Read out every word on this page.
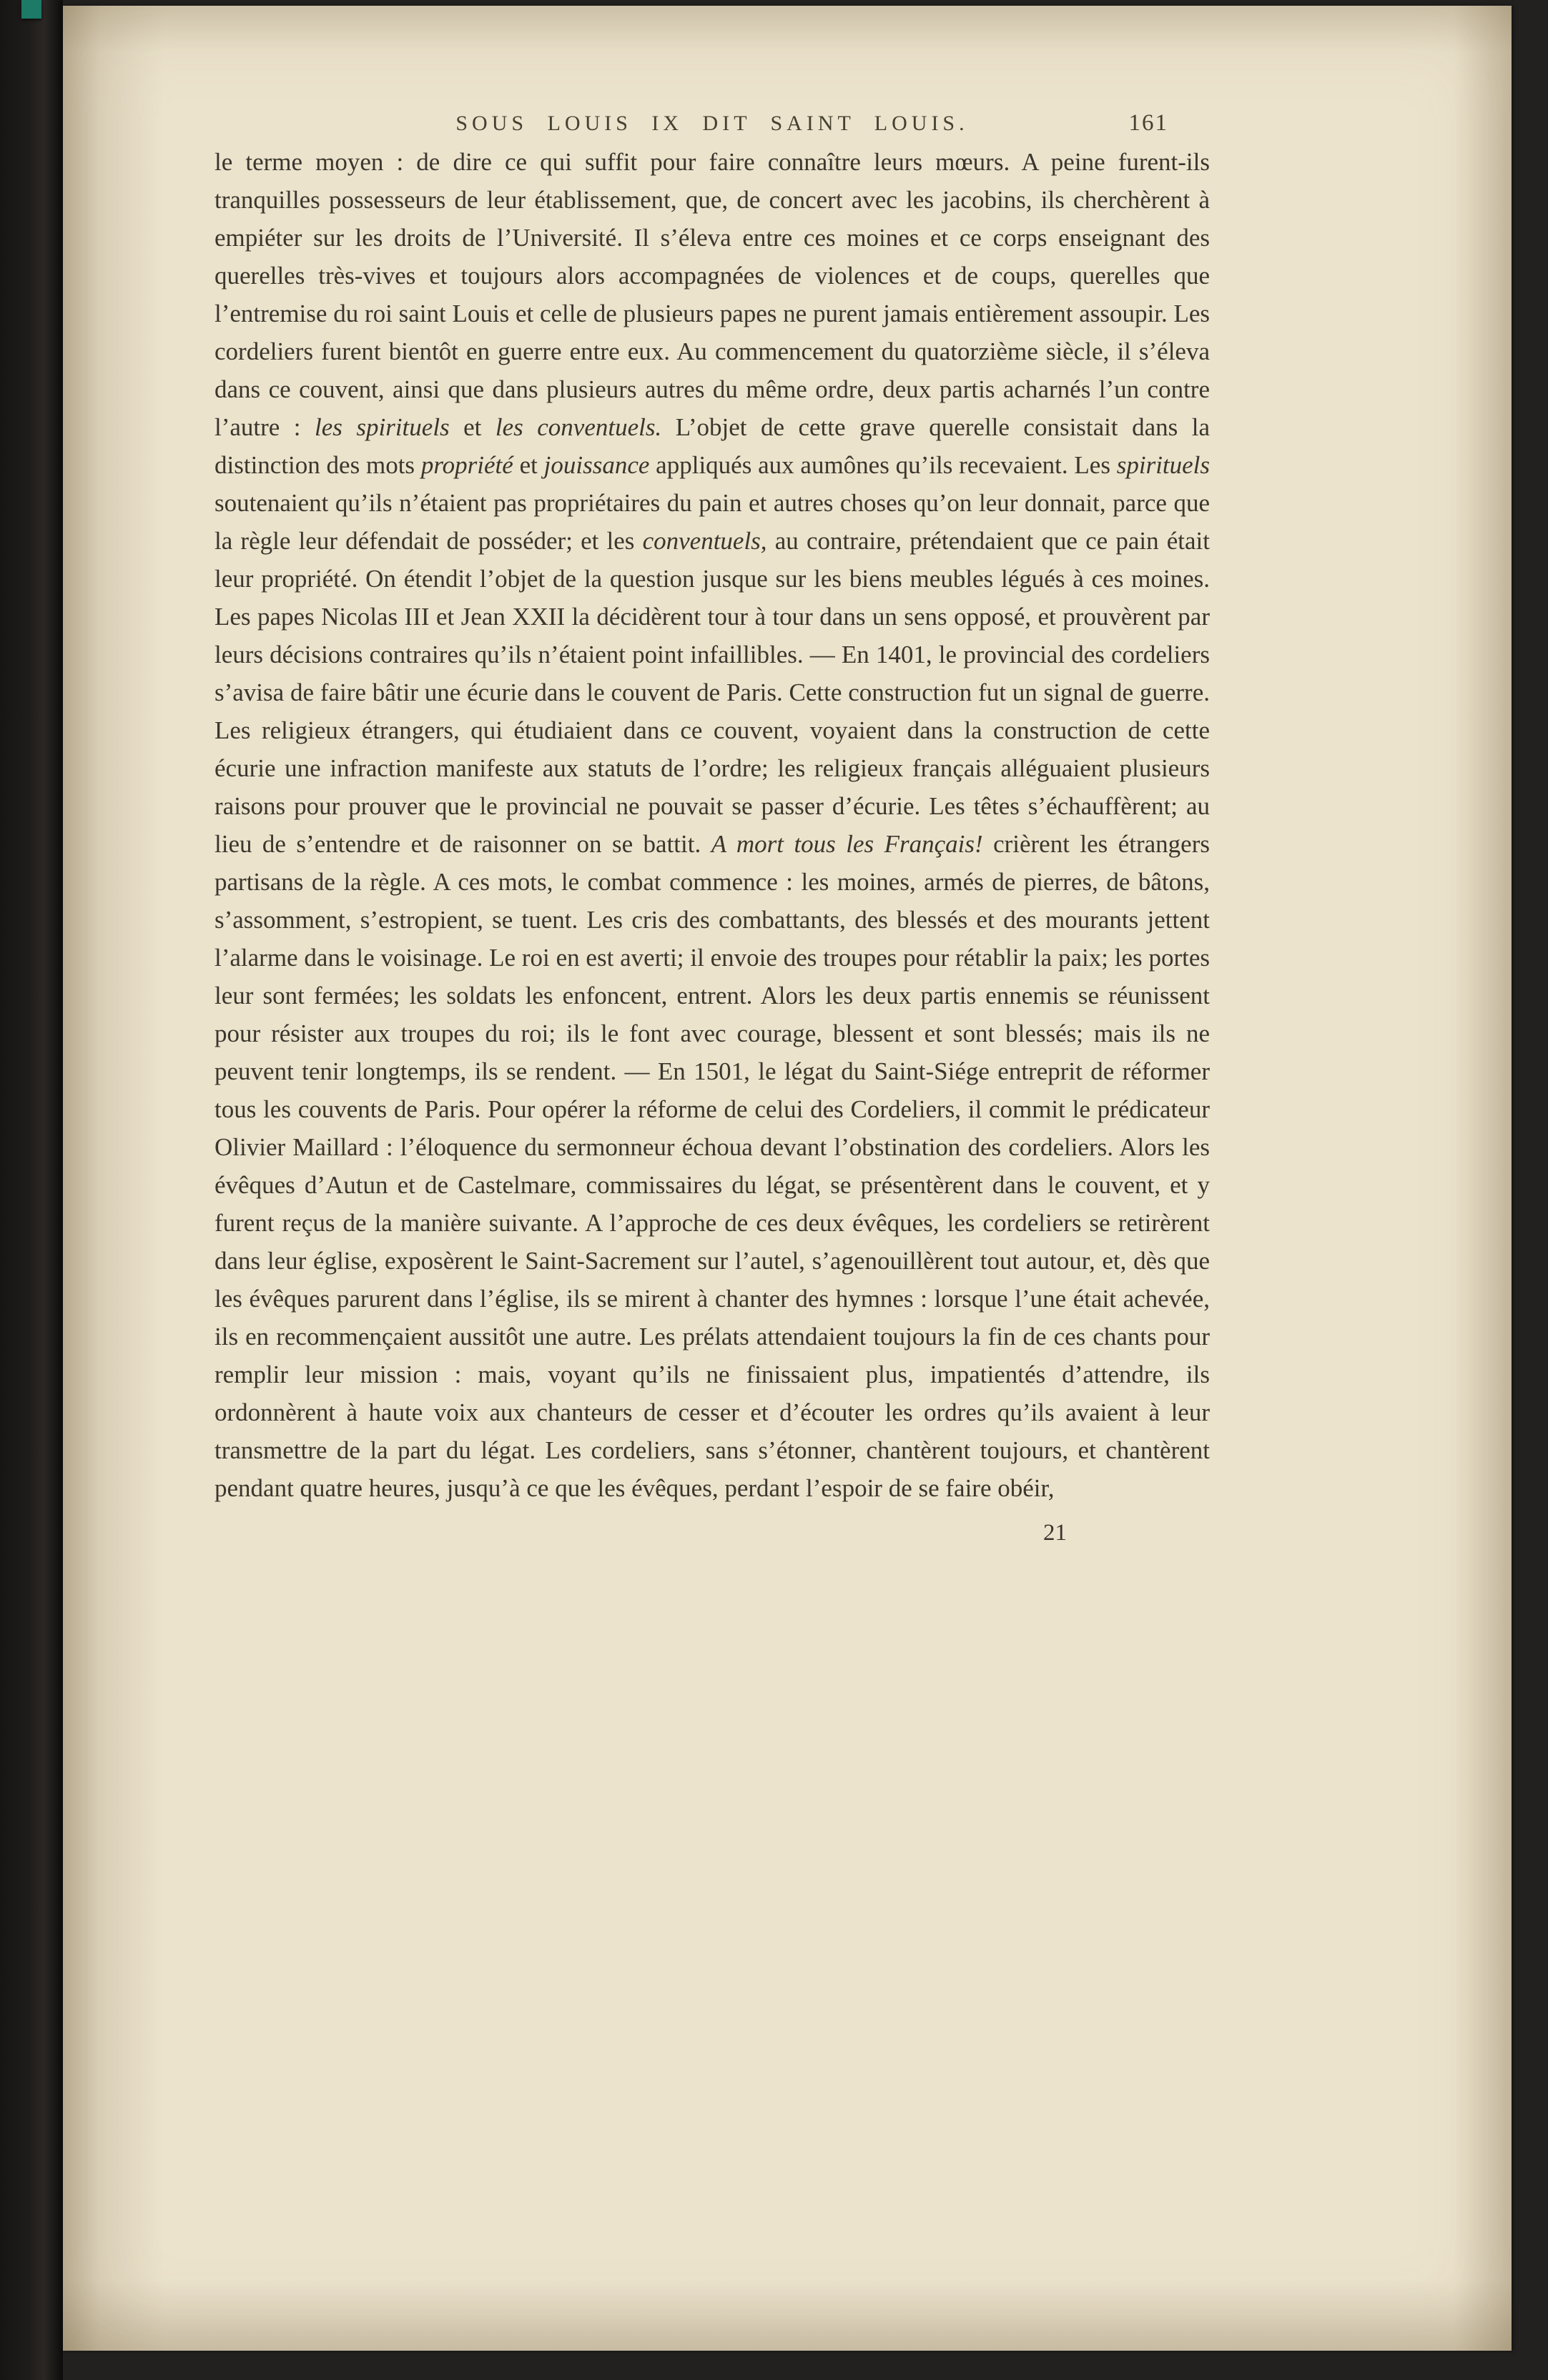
SOUS LOUIS IX DIT SAINT LOUIS.	161

le terme moyen : de dire ce qui suffit pour faire connaître leurs mœurs. A peine furent-ils tranquilles possesseurs de leur établissement, que, de concert avec les jacobins, ils cherchèrent à empiéter sur les droits de l’Université. Il s’éleva entre ces moines et ce corps enseignant des querelles très-vives et toujours alors accompagnées de violences et de coups, querelles que l’entremise du roi saint Louis et celle de plusieurs papes ne purent jamais entièrement assoupir. Les cordeliers furent bientôt en guerre entre eux. Au commencement du quatorzième siècle, il s’éleva dans ce couvent, ainsi que dans plusieurs autres du même ordre, deux partis acharnés l’un contre l’autre : les spirituels et les conventuels. L’objet de cette grave querelle consistait dans la distinction des mots propriété et jouissance appliqués aux aumônes qu’ils recevaient. Les spirituels soutenaient qu’ils n’étaient pas propriétaires du pain et autres choses qu’on leur donnait, parce que la règle leur défendait de posséder; et les conventuels, au contraire, prétendaient que ce pain était leur propriété. On étendit l’objet de la question jusque sur les biens meubles légués à ces moines. Les papes Nicolas III et Jean XXII la décidèrent tour à tour dans un sens opposé, et prouvèrent par leurs décisions contraires qu’ils n’étaient point infaillibles. — En 1401, le provincial des cordeliers s’avisa de faire bâtir une écurie dans le couvent de Paris. Cette construction fut un signal de guerre. Les religieux étrangers, qui étudiaient dans ce couvent, voyaient dans la construction de cette écurie une infraction manifeste aux statuts de l’ordre; les religieux français alléguaient plusieurs raisons pour prouver que le provincial ne pouvait se passer d’écurie. Les têtes s’échauffèrent; au lieu de s’entendre et de raisonner on se battit. A mort tous les Français! crièrent les étrangers partisans de la règle. A ces mots, le combat commence : les moines, armés de pierres, de bâtons, s’assomment, s’estropient, se tuent. Les cris des combattants, des blessés et des mourants jettent l’alarme dans le voisinage. Le roi en est averti; il envoie des troupes pour rétablir la paix; les portes leur sont fermées; les soldats les enfoncent, entrent. Alors les deux partis ennemis se réunissent pour résister aux troupes du roi; ils le font avec courage, blessent et sont blessés; mais ils ne peuvent tenir longtemps, ils se rendent. — En 1501, le légat du Saint-Siége entreprit de réformer tous les couvents de Paris. Pour opérer la réforme de celui des Cordeliers, il commit le prédicateur Olivier Maillard : l’éloquence du sermonneur échoua devant l’obstination des cordeliers. Alors les évêques d’Autun et de Castelmare, commissaires du légat, se présentèrent dans le couvent, et y furent reçus de la manière suivante. A l’approche de ces deux évêques, les cordeliers se retirèrent dans leur église, exposèrent le Saint-Sacrement sur l’autel, s’agenouillèrent tout autour, et, dès que les évêques parurent dans l’église, ils se mirent à chanter des hymnes : lorsque l’une était achevée, ils en recommençaient aussitôt une autre. Les prélats attendaient toujours la fin de ces chants pour remplir leur mission : mais, voyant qu’ils ne finissaient plus, impatientés d’attendre, ils ordonnèrent à haute voix aux chanteurs de cesser et d’écouter les ordres qu’ils avaient à leur transmettre de la part du légat. Les cordeliers, sans s’étonner, chantèrent toujours, et chantèrent pendant quatre heures, jusqu’à ce que les évêques, perdant l’espoir de se faire obéir,

21
